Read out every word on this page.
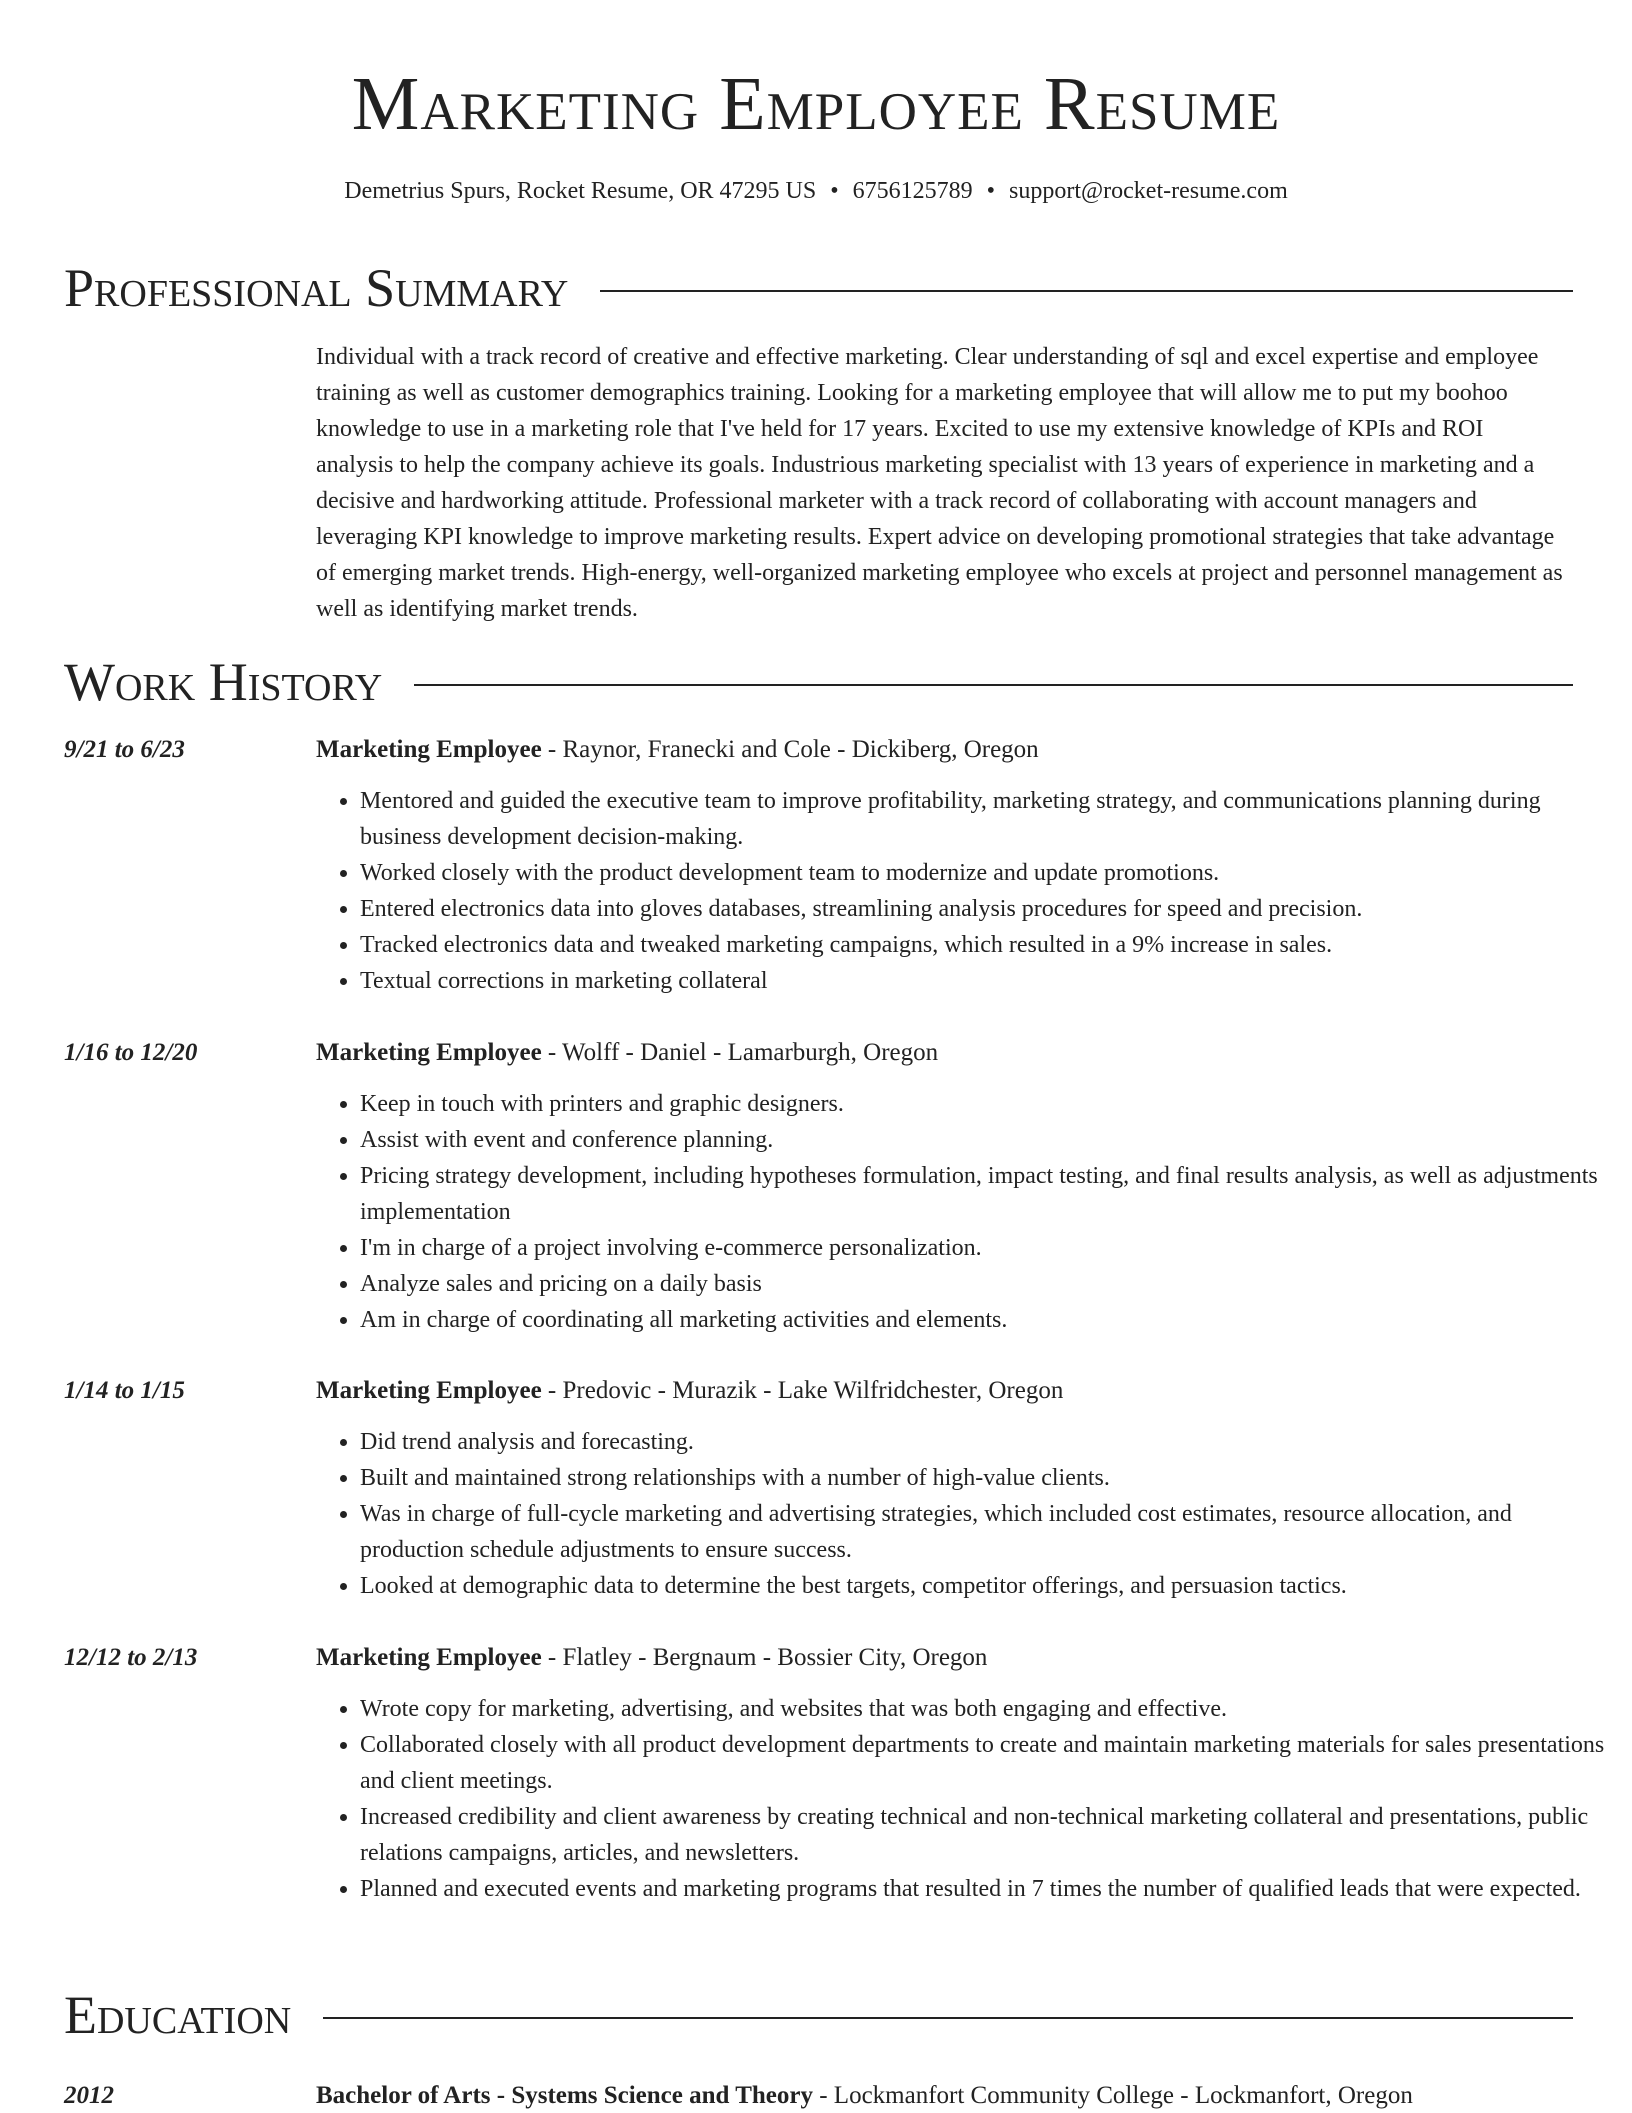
Marketing Employee Resume
Demetrius Spurs, Rocket Resume, OR 47295 US • 6756125789 • support@rocket-resume.com
Professional Summary
Individual with a track record of creative and effective marketing. Clear understanding of sql and excel expertise and employee training as well as customer demographics training. Looking for a marketing employee that will allow me to put my boohoo knowledge to use in a marketing role that I've held for 17 years. Excited to use my extensive knowledge of KPIs and ROI analysis to help the company achieve its goals. Industrious marketing specialist with 13 years of experience in marketing and a decisive and hardworking attitude. Professional marketer with a track record of collaborating with account managers and leveraging KPI knowledge to improve marketing results. Expert advice on developing promotional strategies that take advantage of emerging market trends. High-energy, well-organized marketing employee who excels at project and personnel management as well as identifying market trends.
Work History
9/21 to 6/23	Marketing Employee - Raynor, Franecki and Cole - Dickiberg, Oregon
• Mentored and guided the executive team to improve profitability, marketing strategy, and communications planning during business development decision-making.
• Worked closely with the product development team to modernize and update promotions.
• Entered electronics data into gloves databases, streamlining analysis procedures for speed and precision.
• Tracked electronics data and tweaked marketing campaigns, which resulted in a 9% increase in sales.
• Textual corrections in marketing collateral
1/16 to 12/20	Marketing Employee - Wolff - Daniel - Lamarburgh, Oregon
• Keep in touch with printers and graphic designers.
• Assist with event and conference planning.
• Pricing strategy development, including hypotheses formulation, impact testing, and final results analysis, as well as adjustments implementation
• I'm in charge of a project involving e-commerce personalization.
• Analyze sales and pricing on a daily basis
• Am in charge of coordinating all marketing activities and elements.
1/14 to 1/15	Marketing Employee - Predovic - Murazik - Lake Wilfridchester, Oregon
• Did trend analysis and forecasting.
• Built and maintained strong relationships with a number of high-value clients.
• Was in charge of full-cycle marketing and advertising strategies, which included cost estimates, resource allocation, and production schedule adjustments to ensure success.
• Looked at demographic data to determine the best targets, competitor offerings, and persuasion tactics.
12/12 to 2/13	Marketing Employee - Flatley - Bergnaum - Bossier City, Oregon
• Wrote copy for marketing, advertising, and websites that was both engaging and effective.
• Collaborated closely with all product development departments to create and maintain marketing materials for sales presentations and client meetings.
• Increased credibility and client awareness by creating technical and non-technical marketing collateral and presentations, public relations campaigns, articles, and newsletters.
• Planned and executed events and marketing programs that resulted in 7 times the number of qualified leads that were expected.
Education
2012	Bachelor of Arts - Systems Science and Theory - Lockmanfort Community College - Lockmanfort, Oregon
